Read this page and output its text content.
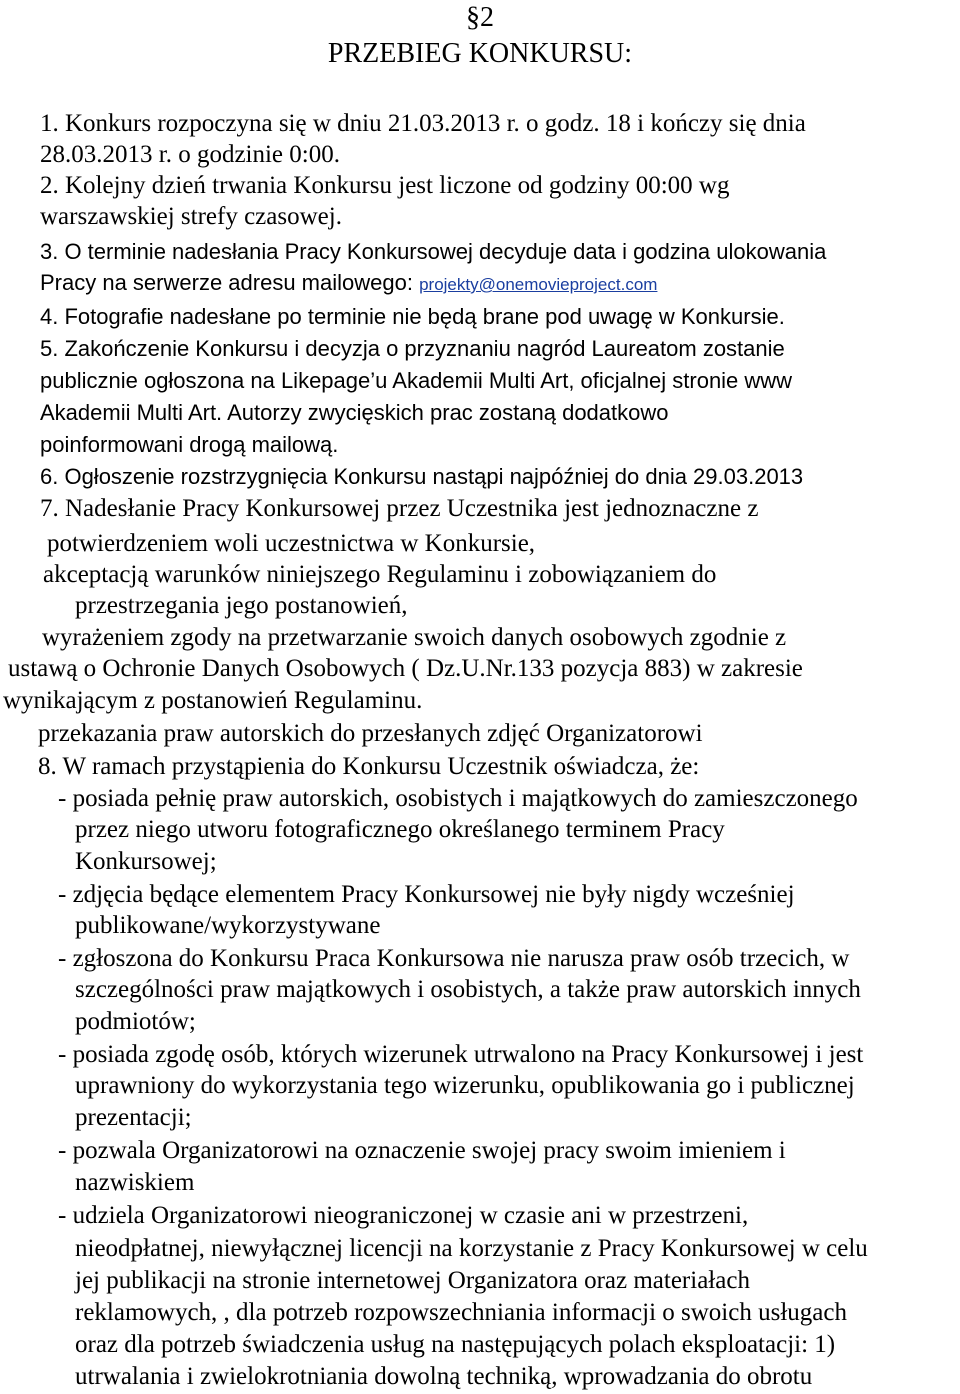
§2
PRZEBIEG KONKURSU:
1. Konkurs rozpoczyna się w dniu 21.03.2013 r. o godz. 18 i kończy się dnia
28.03.2013 r. o godzinie 0:00.
2. Kolejny dzień trwania Konkursu jest liczone od godziny 00:00 wg
warszawskiej strefy czasowej.
3. O terminie nadesłania Pracy Konkursowej decyduje data i godzina ulokowania
Pracy na serwerze adresu mailowego: projekty@onemovieproject.com
4. Fotografie nadesłane po terminie nie będą brane pod uwagę w Konkursie.
5. Zakończenie Konkursu i decyzja o przyznaniu nagród Laureatom zostanie
publicznie ogłoszona na Likepage’u Akademii Multi Art, oficjalnej stronie www
Akademii Multi Art. Autorzy zwycięskich prac zostaną dodatkowo
poinformowani drogą mailową.
6. Ogłoszenie rozstrzygnięcia Konkursu nastąpi najpóźniej do dnia 29.03.2013
7. Nadesłanie Pracy Konkursowej przez Uczestnika jest jednoznaczne z
potwierdzeniem woli uczestnictwa w Konkursie,
akceptacją warunków niniejszego Regulaminu i zobowiązaniem do
przestrzegania jego postanowień,
wyrażeniem zgody na przetwarzanie swoich danych osobowych zgodnie z
ustawą o Ochronie Danych Osobowych ( Dz.U.Nr.133 pozycja 883) w zakresie
wynikającym z postanowień Regulaminu.
przekazania praw autorskich do przesłanych zdjęć Organizatorowi
8. W ramach przystąpienia do Konkursu Uczestnik oświadcza, że:
- posiada pełnię praw autorskich, osobistych i majątkowych do zamieszczonego
przez niego utworu fotograficznego określanego terminem Pracy
Konkursowej;
- zdjęcia będące elementem Pracy Konkursowej nie były nigdy wcześniej
publikowane/wykorzystywane
- zgłoszona do Konkursu Praca Konkursowa nie narusza praw osób trzecich, w
szczególności praw majątkowych i osobistych, a także praw autorskich innych
podmiotów;
- posiada zgodę osób, których wizerunek utrwalono na Pracy Konkursowej i jest
uprawniony do wykorzystania tego wizerunku, opublikowania go i publicznej
prezentacji;
- pozwala Organizatorowi na oznaczenie swojej pracy swoim imieniem i
nazwiskiem
- udziela Organizatorowi nieograniczonej w czasie ani w przestrzeni,
nieodpłatnej, niewyłącznej licencji na korzystanie z Pracy Konkursowej w celu
jej publikacji na stronie internetowej Organizatora oraz materiałach
reklamowych, , dla potrzeb rozpowszechniania informacji o swoich usługach
oraz dla potrzeb świadczenia usług na następujących polach eksploatacji: 1)
utrwalania i zwielokrotniania dowolną techniką, wprowadzania do obrotu
